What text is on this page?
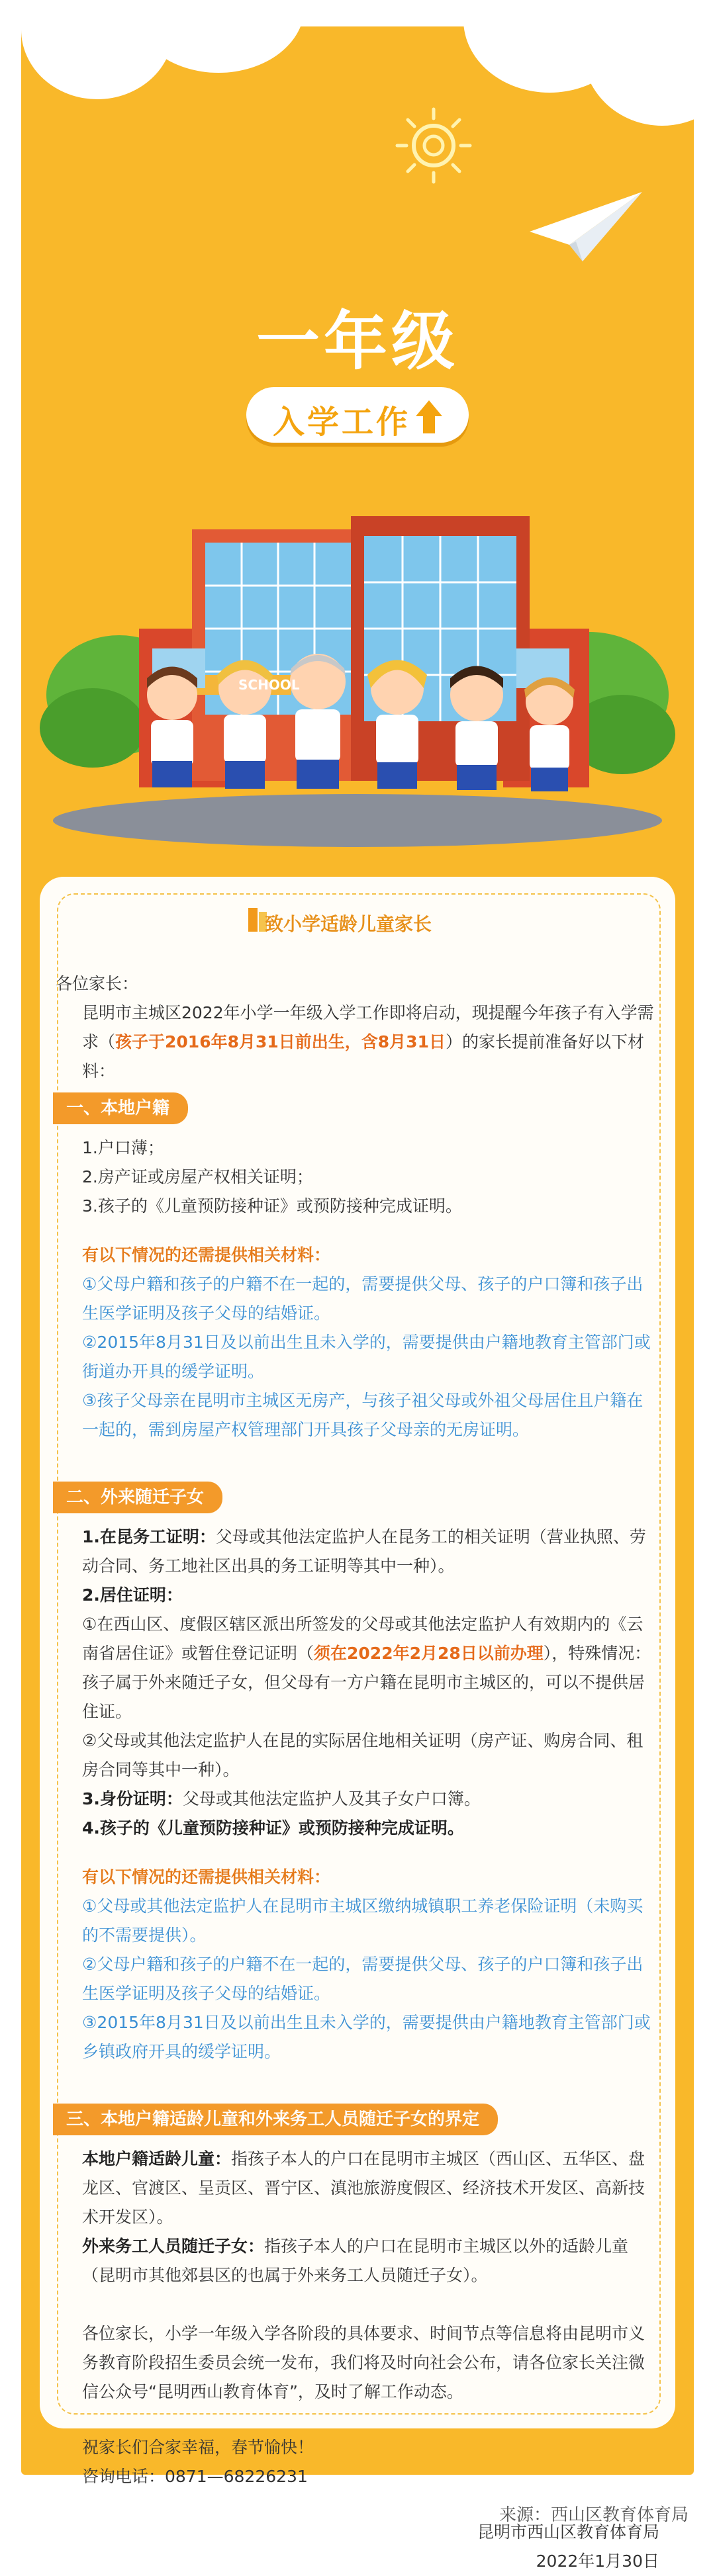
一年级
入学工作
SCHOOL
致小学适龄儿童家长

各位家长：

昆明市主城区2022年小学一年级入学工作即将启动，现提醒今年孩子有入学需求（孩子于2016年8月31日前出生，含8月31日）的家长提前准备好以下材料：

一、本地户籍

1.户口薄；

2.房产证或房屋产权相关证明；

3.孩子的《儿童预防接种证》或预防接种完成证明。

有以下情况的还需提供相关材料：

①父母户籍和孩子的户籍不在一起的，需要提供父母、孩子的户口簿和孩子出生医学证明及孩子父母的结婚证。

②2015年8月31日及以前出生且未入学的，需要提供由户籍地教育主管部门或街道办开具的缓学证明。

③孩子父母亲在昆明市主城区无房产，与孩子祖父母或外祖父母居住且户籍在一起的，需到房屋产权管理部门开具孩子父母亲的无房证明。

二、外来随迁子女

1.在昆务工证明：父母或其他法定监护人在昆务工的相关证明（营业执照、劳动合同、务工地社区出具的务工证明等其中一种）。

2.居住证明：

①在西山区、度假区辖区派出所签发的父母或其他法定监护人有效期内的《云南省居住证》或暂住登记证明（须在2022年2月28日以前办理），特殊情况：孩子属于外来随迁子女，但父母有一方户籍在昆明市主城区的，可以不提供居住证。

②父母或其他法定监护人在昆的实际居住地相关证明（房产证、购房合同、租房合同等其中一种）。

3.身份证明：父母或其他法定监护人及其子女户口簿。

4.孩子的《儿童预防接种证》或预防接种完成证明。

有以下情况的还需提供相关材料：

①父母或其他法定监护人在昆明市主城区缴纳城镇职工养老保险证明（未购买的不需要提供）。

②父母户籍和孩子的户籍不在一起的，需要提供父母、孩子的户口簿和孩子出生医学证明及孩子父母的结婚证。

③2015年8月31日及以前出生且未入学的，需要提供由户籍地教育主管部门或乡镇政府开具的缓学证明。

三、本地户籍适龄儿童和外来务工人员随迁子女的界定

本地户籍适龄儿童：指孩子本人的户口在昆明市主城区（西山区、五华区、盘龙区、官渡区、呈贡区、晋宁区、滇池旅游度假区、经济技术开发区、高新技术开发区）。

外来务工人员随迁子女：指孩子本人的户口在昆明市主城区以外的适龄儿童（昆明市其他郊县区的也属于外来务工人员随迁子女）。

各位家长，小学一年级入学各阶段的具体要求、时间节点等信息将由昆明市义务教育阶段招生委员会统一发布，我们将及时向社会公布，请各位家长关注微信公众号“昆明西山教育体育”，及时了解工作动态。

祝家长们合家幸福，春节愉快！

咨询电话：0871—68226231

昆明市西山区教育体育局

2022年1月30日

来源：西山区教育体育局
